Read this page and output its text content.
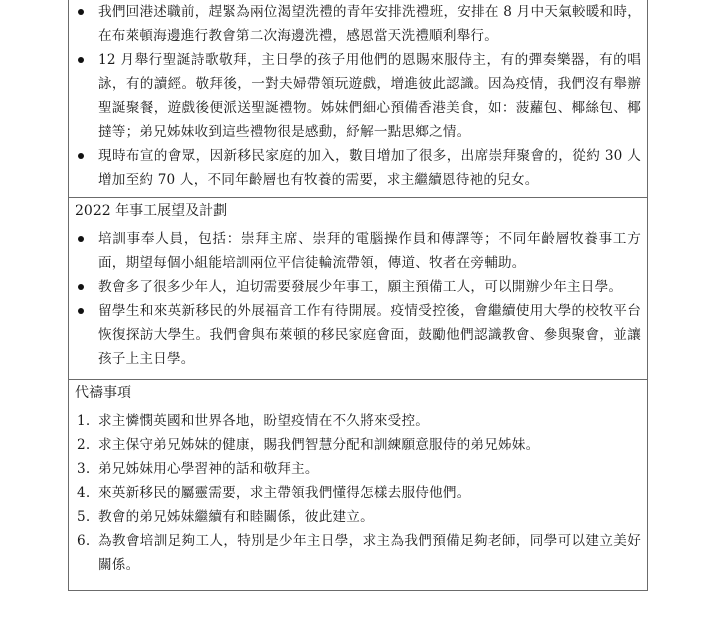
我們回港述職前，趕緊為兩位渴望洗禮的青年安排洗禮班，安排在 8 月中天氣較暖和時，在布萊頓海邊進行教會第二次海邊洗禮，感恩當天洗禮順利舉行。
12 月舉行聖誕詩歌敬拜，主日學的孩子用他們的恩賜來服侍主，有的彈奏樂器，有的唱詠，有的讀經。敬拜後，一對夫婦帶領玩遊戲，增進彼此認識。因為疫情，我們沒有舉辦聖誕聚餐，遊戲後便派送聖誕禮物。姊妹們細心預備香港美食，如：菠蘿包、椰絲包、椰撻等；弟兄姊妹收到這些禮物很是感動，紓解一點思鄉之情。
現時布宣的會眾，因新移民家庭的加入，數目增加了很多，出席崇拜聚會的，從約 30 人增加至約 70 人，不同年齡層也有牧養的需要，求主繼續恩待祂的兒女。
2022 年事工展望及計劃
培訓事奉人員，包括：崇拜主席、崇拜的電腦操作員和傳譯等；不同年齡層牧養事工方面，期望每個小組能培訓兩位平信徒輪流帶領，傳道、牧者在旁輔助。
教會多了很多少年人，迫切需要發展少年事工，願主預備工人，可以開辦少年主日學。
留學生和來英新移民的外展福音工作有待開展。疫情受控後，會繼續使用大學的校牧平台恢復探訪大學生。我們會與布萊頓的移民家庭會面，鼓勵他們認識教會、參與聚會，並讓孩子上主日學。
代禱事項
1. 求主憐憫英國和世界各地，盼望疫情在不久將來受控。
2. 求主保守弟兄姊妹的健康，賜我們智慧分配和訓練願意服侍的弟兄姊妹。
3. 弟兄姊妹用心學習神的話和敬拜主。
4. 來英新移民的屬靈需要，求主帶領我們懂得怎樣去服侍他們。
5. 教會的弟兄姊妹繼續有和睦關係，彼此建立。
6. 為教會培訓足夠工人，特別是少年主日學，求主為我們預備足夠老師，同學可以建立美好關係。
